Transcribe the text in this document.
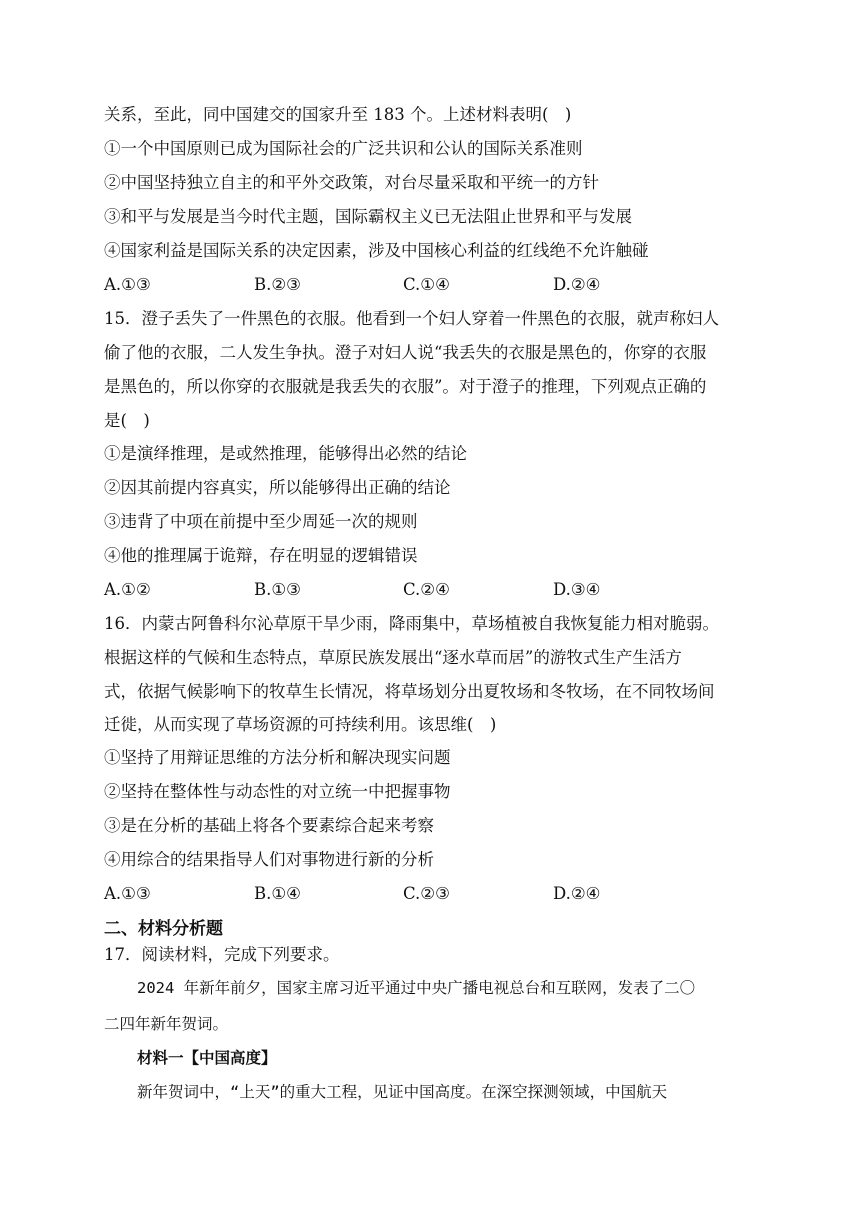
关系，至此，同中国建交的国家升至 183 个。上述材料表明(　)
①一个中国原则已成为国际社会的广泛共识和公认的国际关系准则
②中国坚持独立自主的和平外交政策，对台尽量采取和平统一的方针
③和平与发展是当今时代主题，国际霸权主义已无法阻止世界和平与发展
④国家利益是国际关系的决定因素，涉及中国核心利益的红线绝不允许触碰
A.①③	B.②③	C.①④	D.②④
15．澄子丢失了一件黑色的衣服。他看到一个妇人穿着一件黑色的衣服，就声称妇人
偷了他的衣服，二人发生争执。澄子对妇人说“我丢失的衣服是黑色的，你穿的衣服
是黑色的，所以你穿的衣服就是我丢失的衣服”。对于澄子的推理，下列观点正确的
是(　)
①是演绎推理，是或然推理，能够得出必然的结论
②因其前提内容真实，所以能够得出正确的结论
③违背了中项在前提中至少周延一次的规则
④他的推理属于诡辩，存在明显的逻辑错误
A.①②	B.①③	C.②④	D.③④
16．内蒙古阿鲁科尔沁草原干旱少雨，降雨集中，草场植被自我恢复能力相对脆弱。
根据这样的气候和生态特点，草原民族发展出“逐水草而居”的游牧式生产生活方
式，依据气候影响下的牧草生长情况，将草场划分出夏牧场和冬牧场，在不同牧场间
迁徙，从而实现了草场资源的可持续利用。该思维(　)
①坚持了用辩证思维的方法分析和解决现实问题
②坚持在整体性与动态性的对立统一中把握事物
③是在分析的基础上将各个要素综合起来考察
④用综合的结果指导人们对事物进行新的分析
A.①③	B.①④	C.②③	D.②④
二、材料分析题
17．阅读材料，完成下列要求。
2024 年新年前夕，国家主席习近平通过中央广播电视总台和互联网，发表了二〇
二四年新年贺词。
材料一【中国高度】
新年贺词中，“上天”的重大工程，见证中国高度。在深空探测领域，中国航天
